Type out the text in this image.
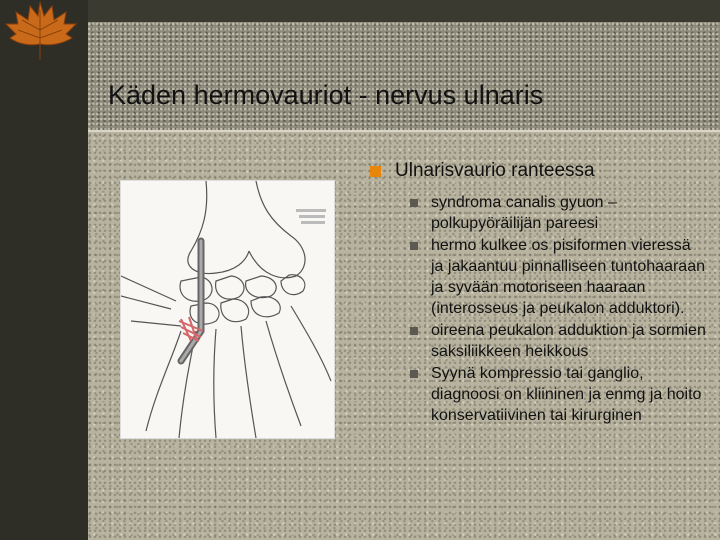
Käden hermovauriot - nervus ulnaris
Ulnarisvaurio ranteessa
syndroma canalis gyuon – polkupyöräilijän pareesi
hermo kulkee os pisiformen vieressä ja jakaantuu pinnalliseen tuntohaaraan ja syvään motoriseen haaraan (interosseus ja peukalon adduktori).
oireena peukalon adduktion ja sormien saksiliikkeen heikkous
Syynä kompressio tai ganglio, diagnoosi on kliininen ja enmg ja hoito konservatiivinen tai kirurginen
